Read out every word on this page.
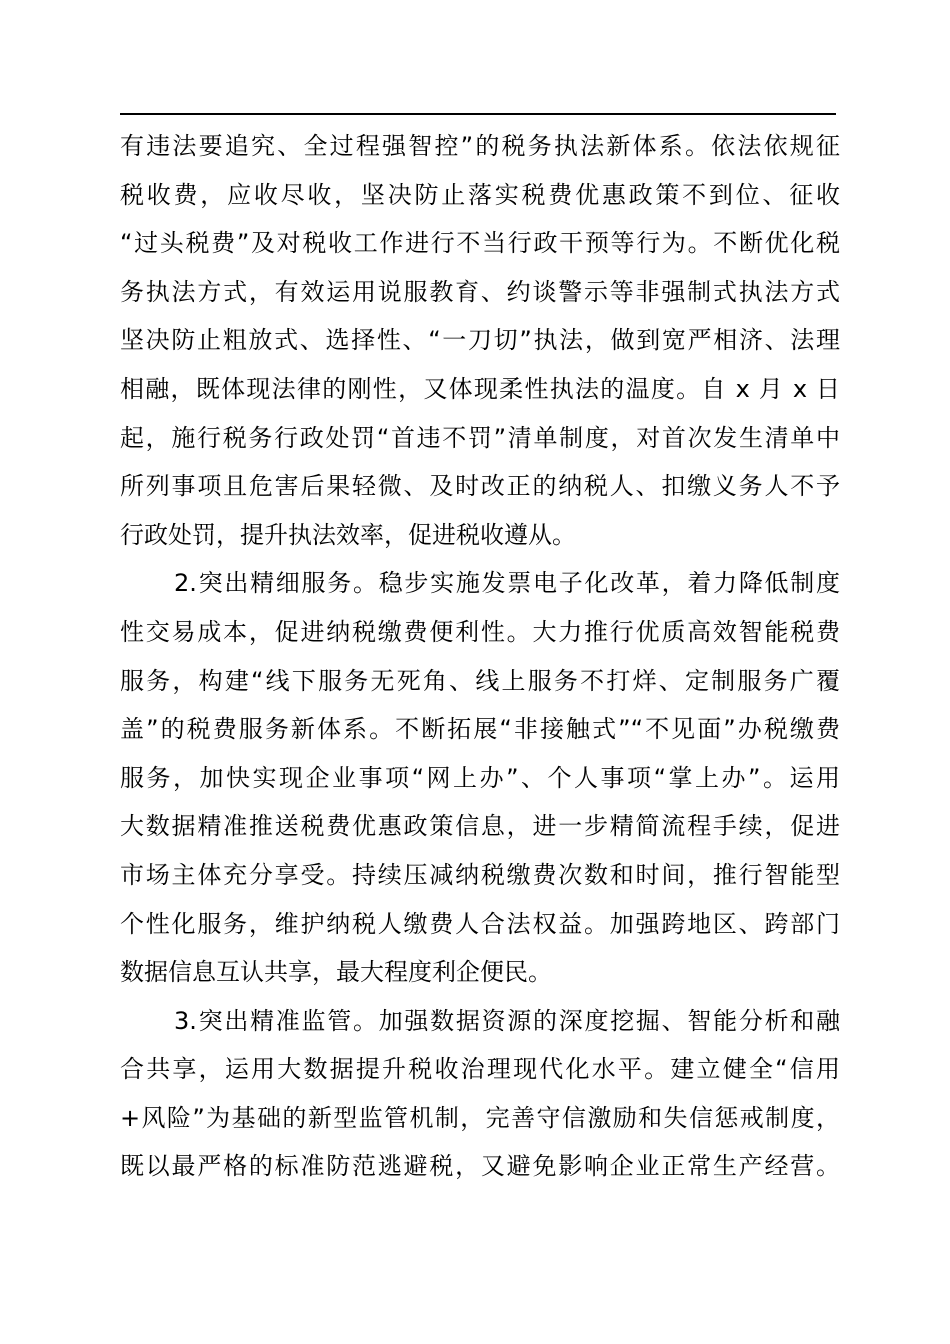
有违法要追究、全过程强智控”的税务执法新体系。依法依规征
税收费，应收尽收，坚决防止落实税费优惠政策不到位、征收
“过头税费”及对税收工作进行不当行政干预等行为。不断优化税
务执法方式，有效运用说服教育、约谈警示等非强制式执法方式
坚决防止粗放式、选择性、“一刀切”执法，做到宽严相济、法理
相融，既体现法律的刚性，又体现柔性执法的温度。自 x 月 x 日
起，施行税务行政处罚“首违不罚”清单制度，对首次发生清单中
所列事项且危害后果轻微、及时改正的纳税人、扣缴义务人不予
行政处罚，提升执法效率，促进税收遵从。
2.突出精细服务。稳步实施发票电子化改革，着力降低制度
性交易成本，促进纳税缴费便利性。大力推行优质高效智能税费
服务，构建“线下服务无死角、线上服务不打烊、定制服务广覆
盖”的税费服务新体系。不断拓展“非接触式”“不见面”办税缴费
服务，加快实现企业事项“网上办”、个人事项“掌上办”。运用
大数据精准推送税费优惠政策信息，进一步精简流程手续，促进
市场主体充分享受。持续压减纳税缴费次数和时间，推行智能型
个性化服务，维护纳税人缴费人合法权益。加强跨地区、跨部门
数据信息互认共享，最大程度利企便民。
3.突出精准监管。加强数据资源的深度挖掘、智能分析和融
合共享，运用大数据提升税收治理现代化水平。建立健全“信用
+风险”为基础的新型监管机制，完善守信激励和失信惩戒制度，
既以最严格的标准防范逃避税，又避免影响企业正常生产经营。
